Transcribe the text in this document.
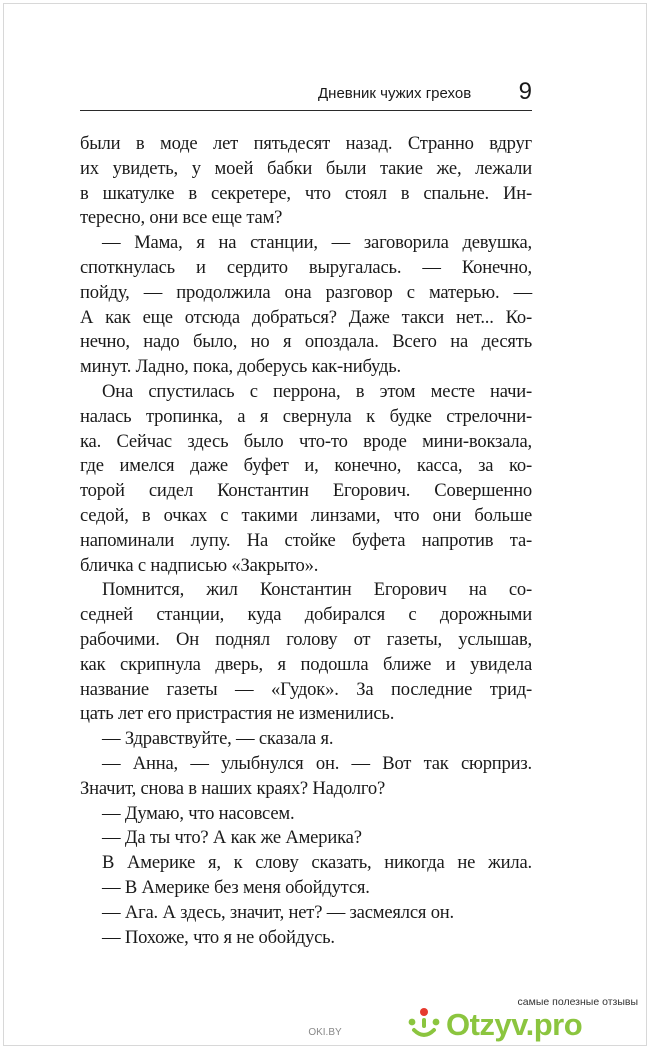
Дневник чужих грехов 9

были в моде лет пятьдесят назад. Странно вдруг

их увидеть, у моей бабки были такие же, лежали

в шкатулке в секретере, что стоял в спальне. Ин-

тересно, они все еще там?

— Мама, я на станции, — заговорила девушка,

споткнулась и сердито выругалась. — Конечно,

пойду, — продолжила она разговор с матерью. —

А как еще отсюда добраться? Даже такси нет... Ко-

нечно, надо было, но я опоздала. Всего на десять

минут. Ладно, пока, доберусь как-нибудь.

Она спустилась с перрона, в этом месте начи-

налась тропинка, а я свернула к будке стрелочни-

ка. Сейчас здесь было что-то вроде мини-вокзала,

где имелся даже буфет и, конечно, касса, за ко-

торой сидел Константин Егорович. Совершенно

седой, в очках с такими линзами, что они больше

напоминали лупу. На стойке буфета напротив та-

бличка с надписью «Закрыто».

Помнится, жил Константин Егорович на со-

седней станции, куда добирался с дорожными

рабочими. Он поднял голову от газеты, услышав,

как скрипнула дверь, я подошла ближе и увидела

название газеты — «Гудок». За последние трид-

цать лет его пристрастия не изменились.

— Здравствуйте, — сказала я.

— Анна, — улыбнулся он. — Вот так сюрприз.

Значит, снова в наших краях? Надолго?

— Думаю, что насовсем.

— Да ты что? А как же Америка?

В Америке я, к слову сказать, никогда не жила.

— В Америке без меня обойдутся.

— Ага. А здесь, значит, нет? — засмеялся он.

— Похоже, что я не обойдусь.

OKI.BY
самые полезные отзывы
Otzyv.pro
